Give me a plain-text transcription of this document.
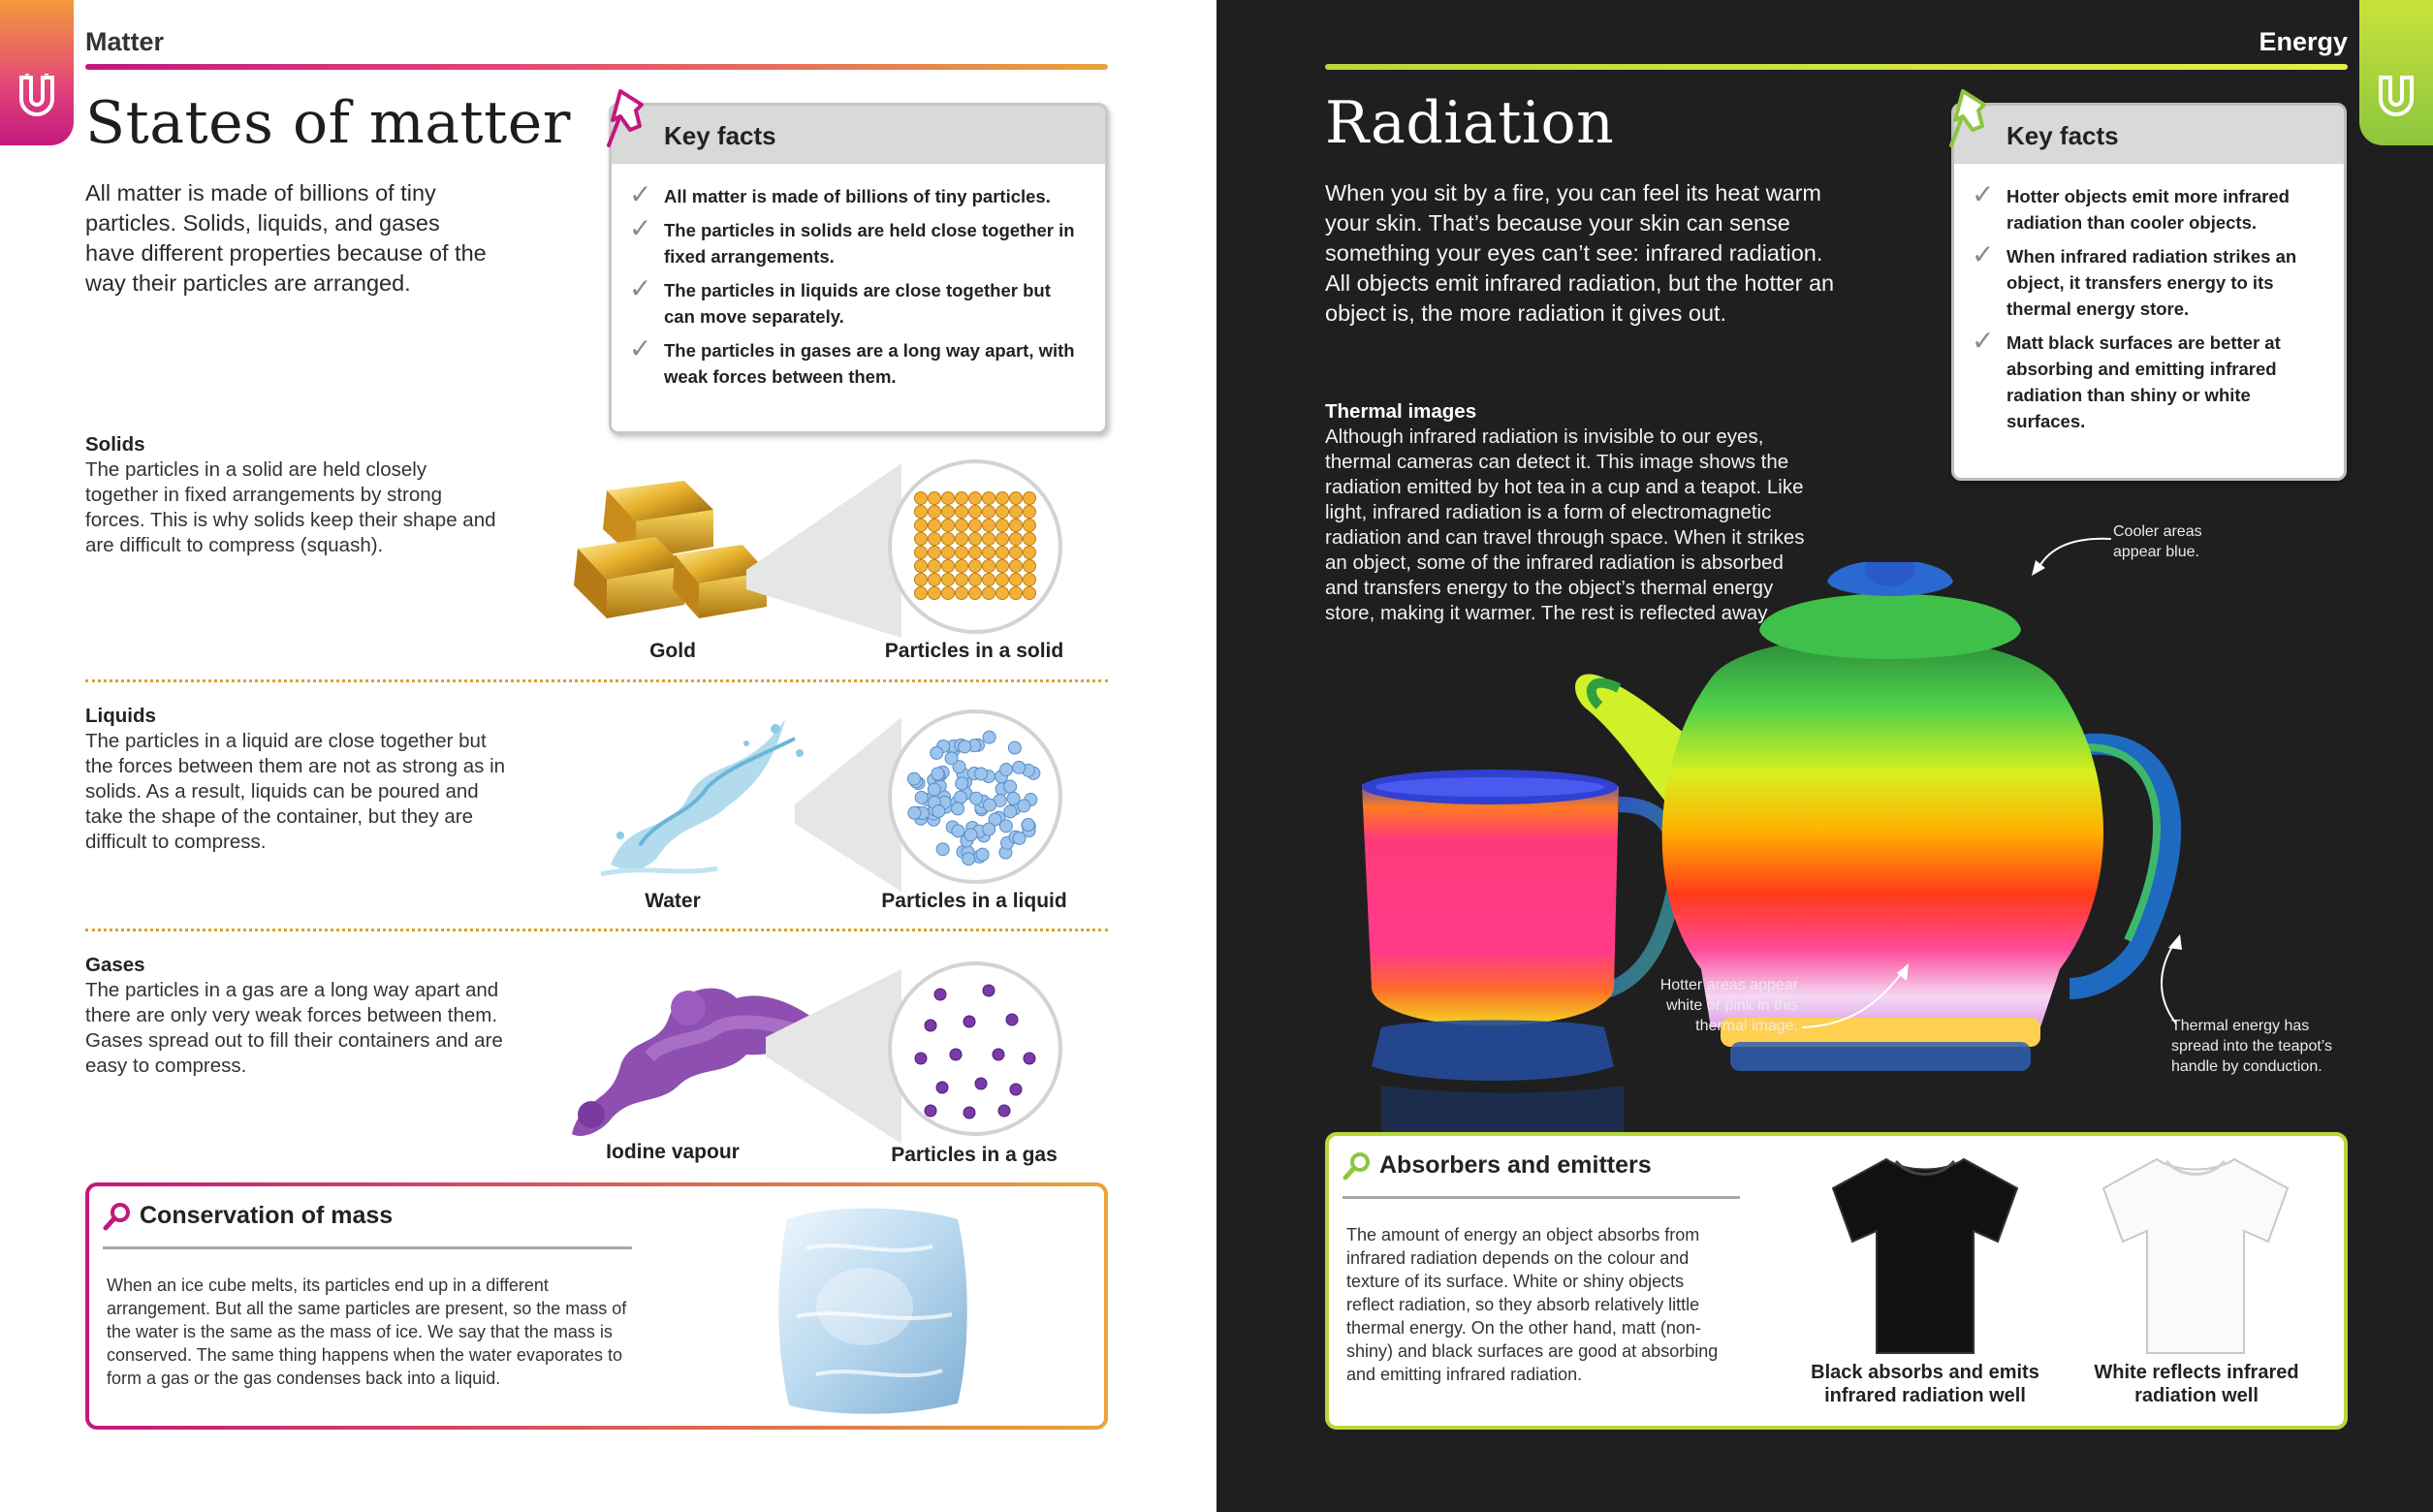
Matter
States of matter
All matter is made of billions of tiny particles. Solids, liquids, and gases have different properties because of the way their particles are arranged.
Key facts
✓ All matter is made of billions of tiny particles.
✓ The particles in solids are held close together in fixed arrangements.
✓ The particles in liquids are close together but can move separately.
✓ The particles in gases are a long way apart, with weak forces between them.
Solids
The particles in a solid are held closely together in fixed arrangements by strong forces. This is why solids keep their shape and are difficult to compress (squash).
Gold	Particles in a solid
Liquids
The particles in a liquid are close together but the forces between them are not as strong as in solids. As a result, liquids can be poured and take the shape of the container, but they are difficult to compress.
Water	Particles in a liquid
Gases
The particles in a gas are a long way apart and there are only very weak forces between them. Gases spread out to fill their containers and are easy to compress.
Iodine vapour	Particles in a gas
Conservation of mass
When an ice cube melts, its particles end up in a different arrangement. But all the same particles are present, so the mass of the water is the same as the mass of ice. We say that the mass is conserved. The same thing happens when the water evaporates to form a gas or the gas condenses back into a liquid.
Energy
Radiation
When you sit by a fire, you can feel its heat warm your skin. That’s because your skin can sense something your eyes can’t see: infrared radiation. All objects emit infrared radiation, but the hotter an object is, the more radiation it gives out.
Key facts
✓ Hotter objects emit more infrared radiation than cooler objects.
✓ When infrared radiation strikes an object, it transfers energy to its thermal energy store.
✓ Matt black surfaces are better at absorbing and emitting infrared radiation than shiny or white surfaces.
Thermal images
Although infrared radiation is invisible to our eyes, thermal cameras can detect it. This image shows the radiation emitted by hot tea in a cup and a teapot. Like light, infrared radiation is a form of electromagnetic radiation and can travel through space. When it strikes an object, some of the infrared radiation is absorbed and transfers energy to the object’s thermal energy store, making it warmer. The rest is reflected away.
Cooler areas appear blue.
Hotter areas appear white or pink in this thermal image.	Thermal energy has spread into the teapot’s handle by conduction.
Absorbers and emitters
The amount of energy an object absorbs from infrared radiation depends on the colour and texture of its surface. White or shiny objects reflect radiation, so they absorb relatively little thermal energy. On the other hand, matt (non-shiny) and black surfaces are good at absorbing and emitting infrared radiation.	Black absorbs and emits infrared radiation well
White reflects infrared radiation well
